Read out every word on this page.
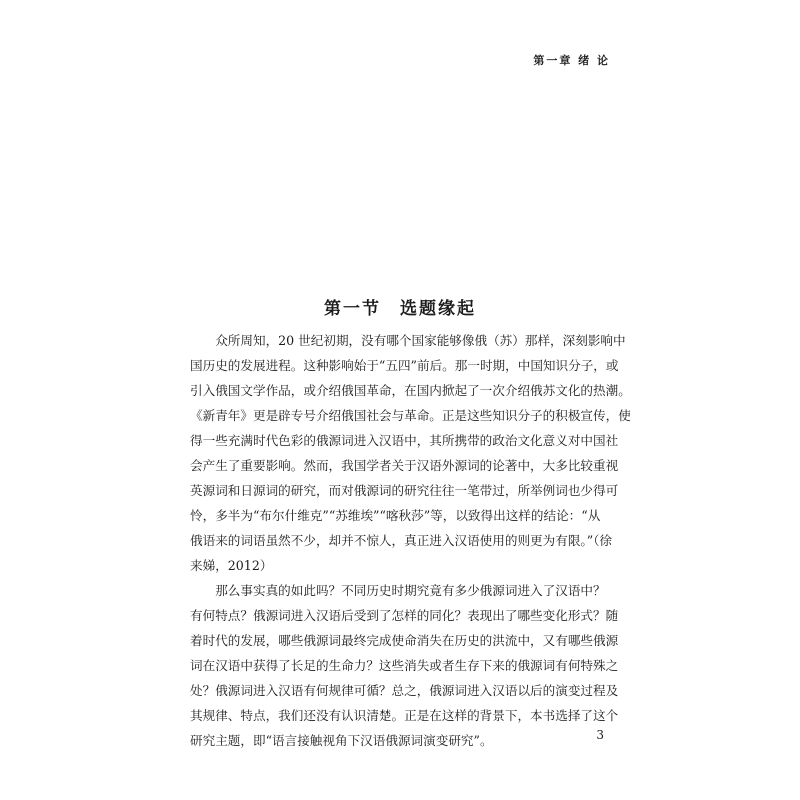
第一章 绪 论
第一节　选题缘起
　　众所周知，20 世纪初期，没有哪个国家能够像俄（苏）那样，深刻影响中
国历史的发展进程。这种影响始于“五四”前后。那一时期，中国知识分子，或
引入俄国文学作品，或介绍俄国革命，在国内掀起了一次介绍俄苏文化的热潮。
《新青年》更是辟专号介绍俄国社会与革命。正是这些知识分子的积极宣传，使
得一些充满时代色彩的俄源词进入汉语中，其所携带的政治文化意义对中国社
会产生了重要影响。然而，我国学者关于汉语外源词的论著中，大多比较重视
英源词和日源词的研究，而对俄源词的研究往往一笔带过，所举例词也少得可
怜，多半为“布尔什维克”“苏维埃”“喀秋莎”等，以致得出这样的结论：“从
俄语来的词语虽然不少，却并不惊人，真正进入汉语使用的则更为有限。”（徐
来娣，2012）
　　那么事实真的如此吗？不同历史时期究竟有多少俄源词进入了汉语中？
有何特点？俄源词进入汉语后受到了怎样的同化？表现出了哪些变化形式？随
着时代的发展，哪些俄源词最终完成使命消失在历史的洪流中，又有哪些俄源
词在汉语中获得了长足的生命力？这些消失或者生存下来的俄源词有何特殊之
处？俄源词进入汉语有何规律可循？总之，俄源词进入汉语以后的演变过程及
其规律、特点，我们还没有认识清楚。正是在这样的背景下，本书选择了这个
研究主题，即“语言接触视角下汉语俄源词演变研究”。	3
